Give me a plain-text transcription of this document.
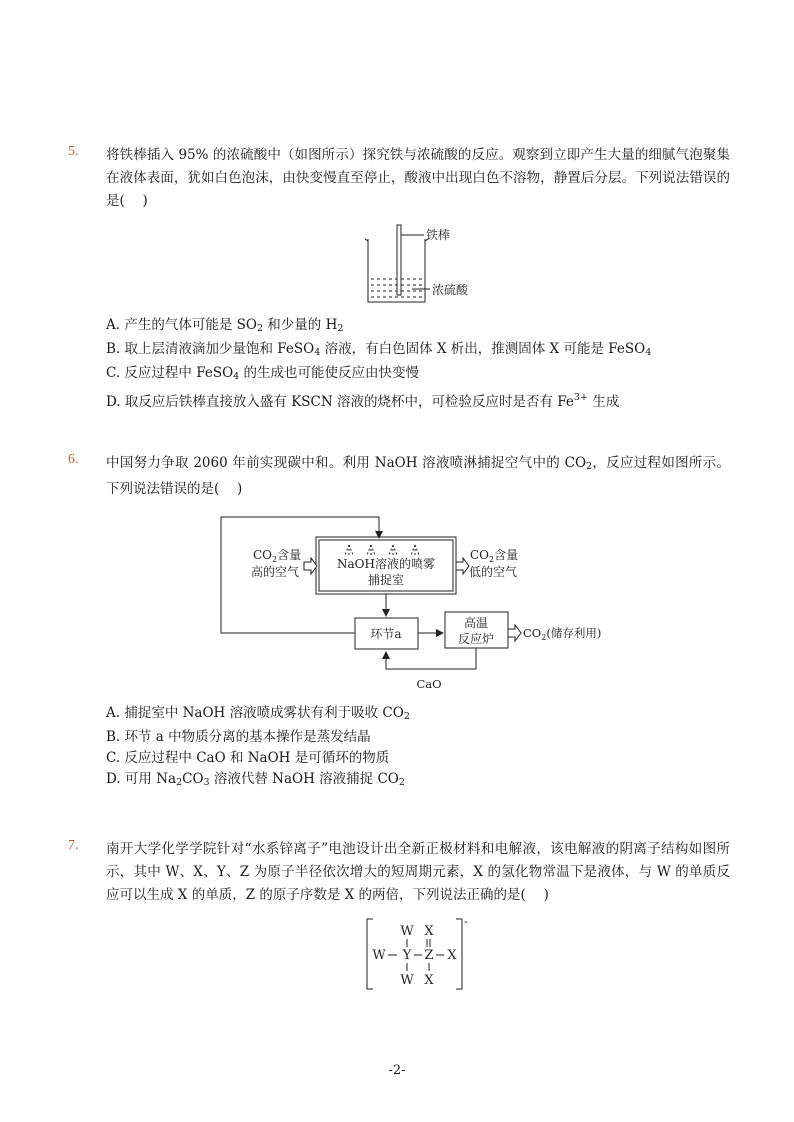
5. 将铁棒插入 95% 的浓硫酸中（如图所示）探究铁与浓硫酸的反应。观察到立即产生大量的细腻气泡聚集在液体表面，犹如白色泡沫，由快变慢直至停止，酸液中出现白色不溶物，静置后分层。下列说法错误的是(　 )
铁棒
浓硫酸
A. 产生的气体可能是 $SO_2$ 和少量的 $H_2$
B. 取上层清液滴加少量饱和 FeSO$_4$ 溶液，有白色固体 X 析出，推测固体 X 可能是 FeSO$_4$
C. 反应过程中 FeSO$_4$ 的生成也可能使反应由快变慢
D. 取反应后铁棒直接放入盛有 KSCN 溶液的烧杯中，可检验反应时是否有 $Fe^{3+}$ 生成
6. 中国努力争取 2060 年前实现碳中和。利用 NaOH 溶液喷淋捕捉空气中的 $CO_2$，反应过程如图所示。下列说法错误的是(　 )
NaOH溶液的喷雾
捕捉室
$CO_2$含量
高的空气
$CO_2$含量
低的空气
环节a
高温
反应炉	$CO_2$(储存利用)
CaO
A. 捕捉室中 NaOH 溶液喷成雾状有利于吸收 $CO_2$
B. 环节 a 中物质分离的基本操作是蒸发结晶
C. 反应过程中 CaO 和 NaOH 是可循环的物质
D. 可用 $Na_2CO_3$ 溶液代替 NaOH 溶液捕捉 $CO_2$
7. 南开大学化学学院针对“水系锌离子”电池设计出全新正极材料和电解液，该电解液的阴离子结构如图所示，其中 W、X、Y、Z 为原子半径依次增大的短周期元素，X 的氢化物常温下是液体，与 W 的单质反应可以生成 X 的单质，Z 的原子序数是 X 的两倍，下列说法正确的是(　 )
-
W X
W Y Z X
W X
-2-
